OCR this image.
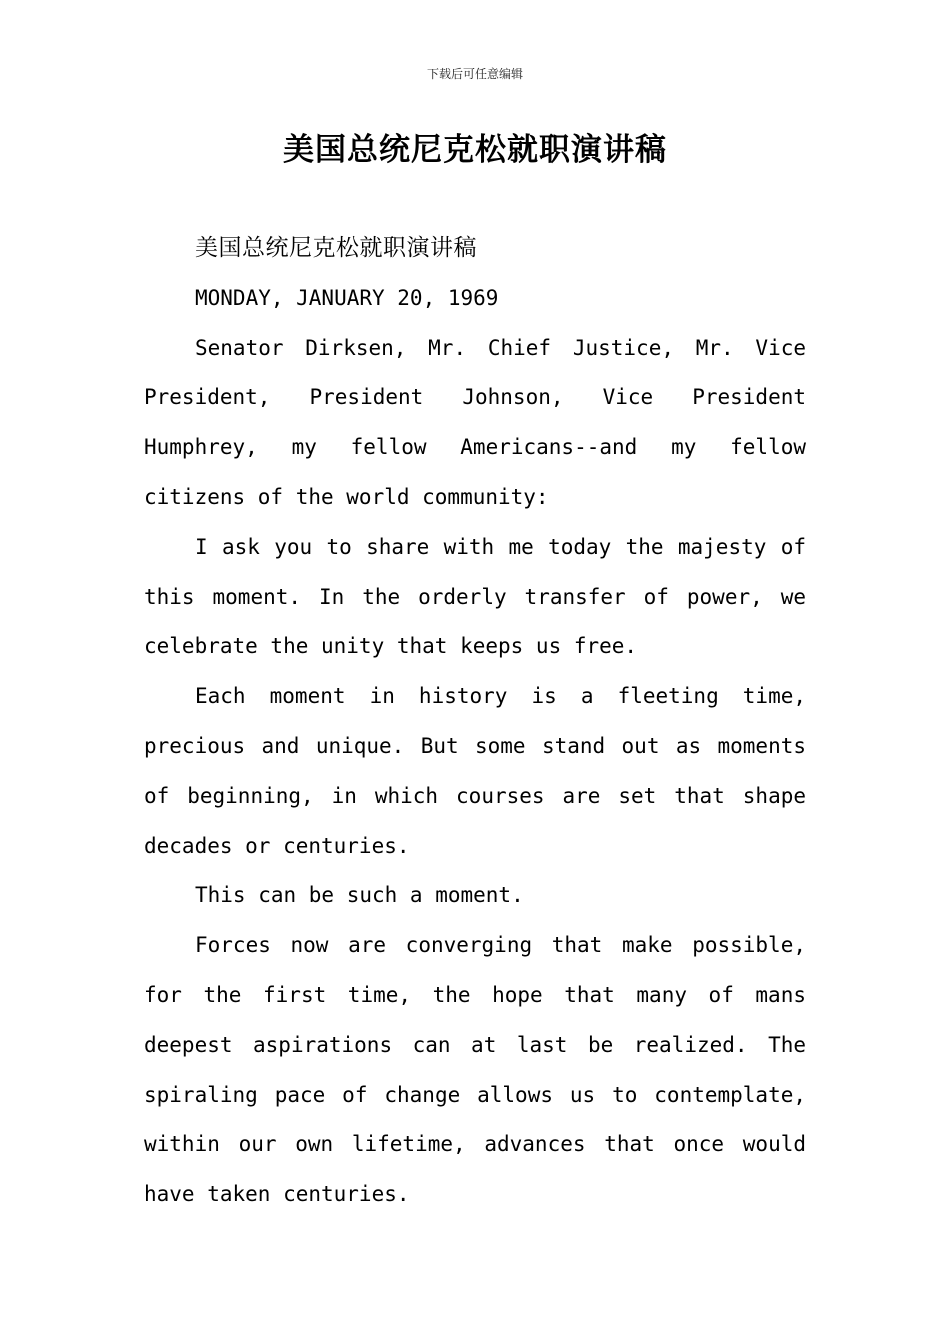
下载后可任意编辑
美国总统尼克松就职演讲稿

美国总统尼克松就职演讲稿

MONDAY, JANUARY 20, 1969

Senator Dirksen, Mr. Chief Justice, Mr. Vice President, President Johnson, Vice President Humphrey, my fellow Americans--and my fellow citizens of the world community:

I ask you to share with me today the majesty of this moment. In the orderly transfer of power, we celebrate the unity that keeps us free.

Each moment in history is a fleeting time, precious and unique. But some stand out as moments of beginning, in which courses are set that shape decades or centuries.

This can be such a moment.

Forces now are converging that make possible, for the first time, the hope that many of mans deepest aspirations can at last be realized. The spiraling pace of change allows us to contemplate, within our own lifetime, advances that once would have taken centuries.
